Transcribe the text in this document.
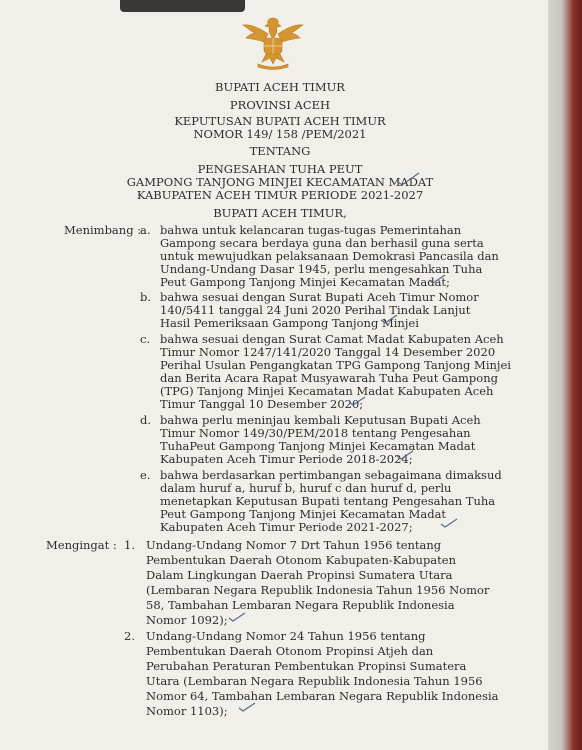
BUPATI ACEH TIMUR
PROVINSI ACEH
KEPUTUSAN BUPATI ACEH TIMUR
NOMOR 149/ 158 /PEM/2021
TENTANG
PENGESAHAN TUHA PEUT
GAMPONG TANJONG MINJEI KECAMATAN MADAT
KABUPATEN ACEH TIMUR PERIODE 2021-2027
BUPATI ACEH TIMUR,
Menimbang :
a. bahwa untuk kelancaran tugas-tugas Pemerintahan
Gampong secara berdaya guna dan berhasil guna serta
untuk mewujudkan pelaksanaan Demokrasi Pancasila dan
Undang-Undang Dasar 1945, perlu mengesahkan Tuha
Peut Gampong Tanjong Minjei Kecamatan Madat;
b. bahwa sesuai dengan Surat Bupati Aceh Timur Nomor
140/5411 tanggal 24 Juni 2020 Perihal Tindak Lanjut
Hasil Pemeriksaan Gampong Tanjong Minjei
c. bahwa sesuai dengan Surat Camat Madat Kabupaten Aceh
Timur Nomor 1247/141/2020 Tanggal 14 Desember 2020
Perihal Usulan Pengangkatan TPG Gampong Tanjong Minjei
dan Berita Acara Rapat Musyawarah Tuha Peut Gampong
(TPG) Tanjong Minjei Kecamatan Madat Kabupaten Aceh
Timur Tanggal 10 Desember 2020;
d. bahwa perlu meninjau kembali Keputusan Bupati Aceh
Timur Nomor 149/30/PEM/2018 tentang Pengesahan
TuhaPeut Gampong Tanjong Minjei Kecamatan Madat
Kabupaten Aceh Timur Periode 2018-2024;
e. bahwa berdasarkan pertimbangan sebagaimana dimaksud
dalam huruf a, huruf b, huruf c dan huruf d, perlu
menetapkan Keputusan Bupati tentang Pengesahan Tuha
Peut Gampong Tanjong Minjei Kecamatan Madat
Kabupaten Aceh Timur Periode 2021-2027;
Mengingat : 1. Undang-Undang Nomor 7 Drt Tahun 1956 tentang
Pembentukan Daerah Otonom Kabupaten-Kabupaten
Dalam Lingkungan Daerah Propinsi Sumatera Utara
(Lembaran Negara Republik Indonesia Tahun 1956 Nomor
58, Tambahan Lembaran Negara Republik Indonesia
Nomor 1092);
2. Undang-Undang Nomor 24 Tahun 1956 tentang
Pembentukan Daerah Otonom Propinsi Atjeh dan
Perubahan Peraturan Pembentukan Propinsi Sumatera
Utara (Lembaran Negara Republik Indonesia Tahun 1956
Nomor 64, Tambahan Lembaran Negara Republik Indonesia
Nomor 1103);
